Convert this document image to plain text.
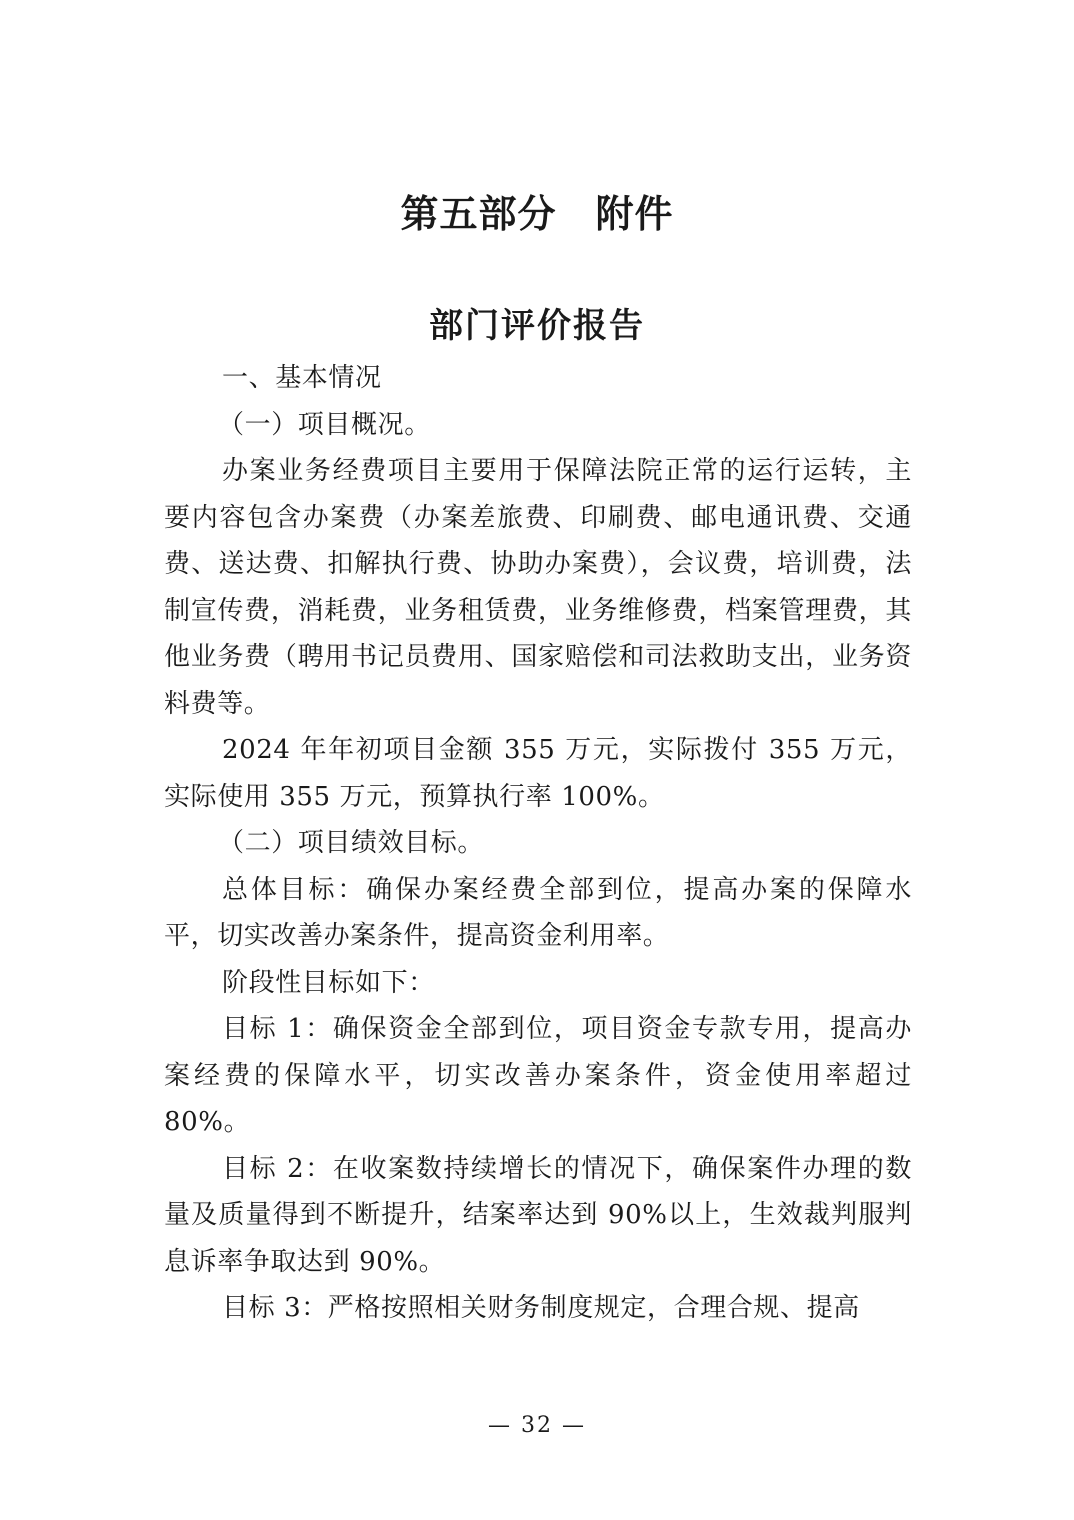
第五部分　附件
部门评价报告

一、基本情况

（一）项目概况。

办案业务经费项目主要用于保障法院正常的运行运转，主要内容包含办案费（办案差旅费、印刷费、邮电通讯费、交通费、送达费、扣解执行费、协助办案费），会议费，培训费，法制宣传费，消耗费，业务租赁费，业务维修费，档案管理费，其他业务费（聘用书记员费用、国家赔偿和司法救助支出，业务资料费等。

2024 年年初项目金额 355 万元，实际拨付 355 万元，实际使用 355 万元，预算执行率 100%。

（二）项目绩效目标。

总体目标：确保办案经费全部到位，提高办案的保障水平，切实改善办案条件，提高资金利用率。

阶段性目标如下：

目标 1：确保资金全部到位，项目资金专款专用，提高办案经费的保障水平，切实改善办案条件，资金使用率超过 80%。

目标 2：在收案数持续增长的情况下，确保案件办理的数量及质量得到不断提升，结案率达到 90%以上，生效裁判服判息诉率争取达到 90%。

目标 3：严格按照相关财务制度规定，合理合规、提高

— 32 —
